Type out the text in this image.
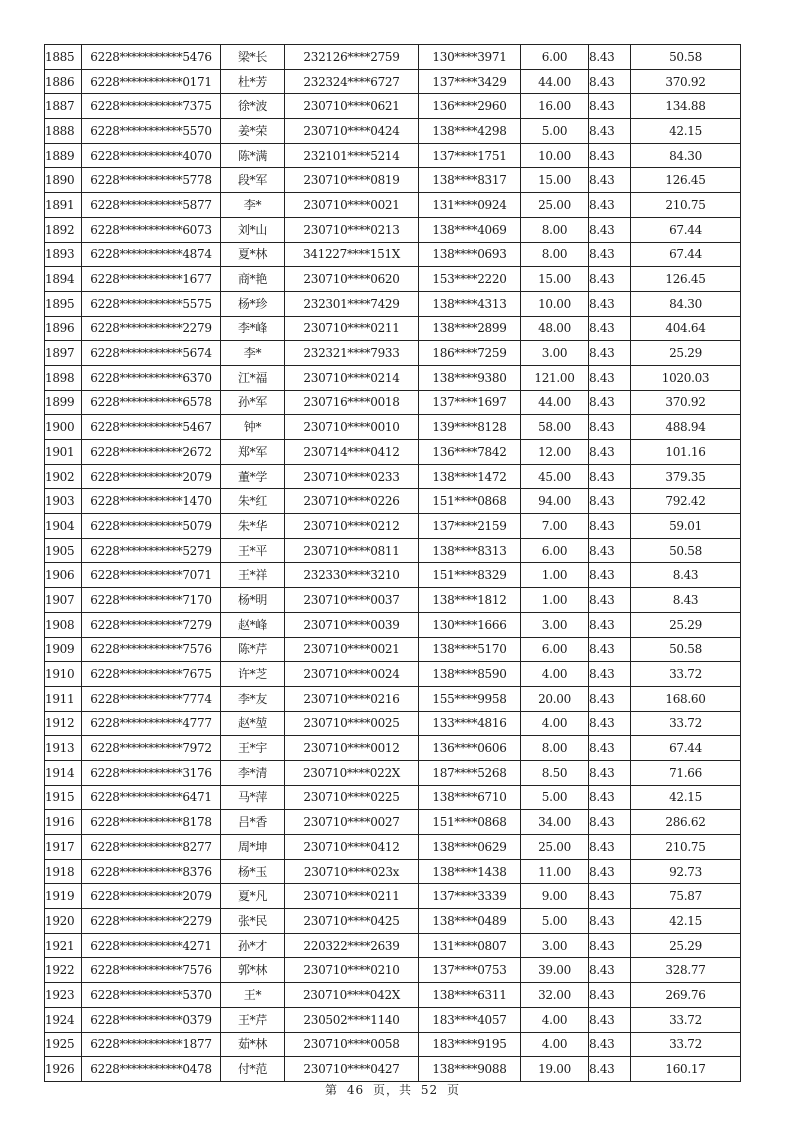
1885	6228***********5476	梁*长	232126****2759	130****3971	6.00	8.43	50.58
1886	6228***********0171	杜*芳	232324****6727	137****3429	44.00	8.43	370.92
1887	6228***********7375	徐*波	230710****0621	136****2960	16.00	8.43	134.88
1888	6228***********5570	姜*荣	230710****0424	138****4298	5.00	8.43	42.15
1889	6228***********4070	陈*满	232101****5214	137****1751	10.00	8.43	84.30
1890	6228***********5778	段*军	230710****0819	138****8317	15.00	8.43	126.45
1891	6228***********5877	李*	230710****0021	131****0924	25.00	8.43	210.75
1892	6228***********6073	刘*山	230710****0213	138****4069	8.00	8.43	67.44
1893	6228***********4874	夏*林	341227****151X	138****0693	8.00	8.43	67.44
1894	6228***********1677	商*艳	230710****0620	153****2220	15.00	8.43	126.45
1895	6228***********5575	杨*珍	232301****7429	138****4313	10.00	8.43	84.30
1896	6228***********2279	李*峰	230710****0211	138****2899	48.00	8.43	404.64
1897	6228***********5674	李*	232321****7933	186****7259	3.00	8.43	25.29
1898	6228***********6370	江*福	230710****0214	138****9380	121.00	8.43	1020.03
1899	6228***********6578	孙*军	230716****0018	137****1697	44.00	8.43	370.92
1900	6228***********5467	钟*	230710****0010	139****8128	58.00	8.43	488.94
1901	6228***********2672	郑*军	230714****0412	136****7842	12.00	8.43	101.16
1902	6228***********2079	董*学	230710****0233	138****1472	45.00	8.43	379.35
1903	6228***********1470	朱*红	230710****0226	151****0868	94.00	8.43	792.42
1904	6228***********5079	朱*华	230710****0212	137****2159	7.00	8.43	59.01
1905	6228***********5279	王*平	230710****0811	138****8313	6.00	8.43	50.58
1906	6228***********7071	王*祥	232330****3210	151****8329	1.00	8.43	8.43
1907	6228***********7170	杨*明	230710****0037	138****1812	1.00	8.43	8.43
1908	6228***********7279	赵*峰	230710****0039	130****1666	3.00	8.43	25.29
1909	6228***********7576	陈*芹	230710****0021	138****5170	6.00	8.43	50.58
1910	6228***********7675	许*芝	230710****0024	138****8590	4.00	8.43	33.72
1911	6228***********7774	李*友	230710****0216	155****9958	20.00	8.43	168.60
1912	6228***********4777	赵*堃	230710****0025	133****4816	4.00	8.43	33.72
1913	6228***********7972	王*宇	230710****0012	136****0606	8.00	8.43	67.44
1914	6228***********3176	李*清	230710****022X	187****5268	8.50	8.43	71.66
1915	6228***********6471	马*萍	230710****0225	138****6710	5.00	8.43	42.15
1916	6228***********8178	吕*香	230710****0027	151****0868	34.00	8.43	286.62
1917	6228***********8277	周*坤	230710****0412	138****0629	25.00	8.43	210.75
1918	6228***********8376	杨*玉	230710****023x	138****1438	11.00	8.43	92.73
1919	6228***********2079	夏*凡	230710****0211	137****3339	9.00	8.43	75.87
1920	6228***********2279	张*民	230710****0425	138****0489	5.00	8.43	42.15
1921	6228***********4271	孙*才	220322****2639	131****0807	3.00	8.43	25.29
1922	6228***********7576	郭*林	230710****0210	137****0753	39.00	8.43	328.77
1923	6228***********5370	王*	230710****042X	138****6311	32.00	8.43	269.76
1924	6228***********0379	王*芹	230502****1140	183****4057	4.00	8.43	33.72
1925	6228***********1877	茹*林	230710****0058	183****9195	4.00	8.43	33.72
1926	6228***********0478	付*范	230710****0427	138****9088	19.00	8.43	160.17
第 46 页，共 52 页
